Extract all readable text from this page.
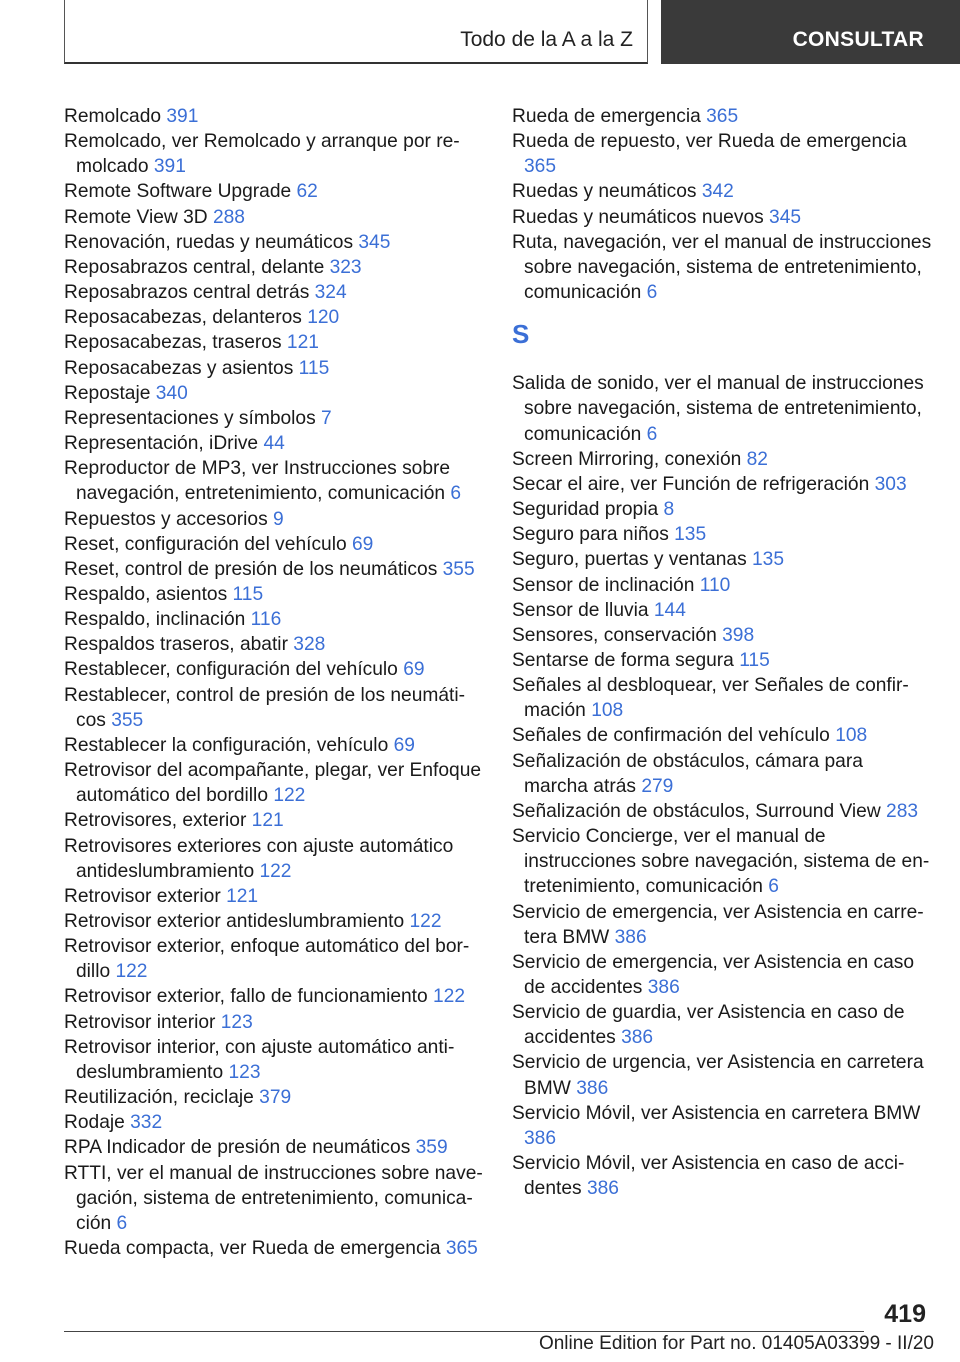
Todo de la A a la Z	CONSULTAR
Remolcado 391
Remolcado, ver Remolcado y arranque por remolcado 391
Remote Software Upgrade 62
Remote View 3D 288
Renovación, ruedas y neumáticos 345
Reposabrazos central, delante 323
Reposabrazos central detrás 324
Reposacabezas, delanteros 120
Reposacabezas, traseros 121
Reposacabezas y asientos 115
Repostaje 340
Representaciones y símbolos 7
Representación, iDrive 44
Reproductor de MP3, ver Instrucciones sobre navegación, entretenimiento, comunicación 6
Repuestos y accesorios 9
Reset, configuración del vehículo 69
Reset, control de presión de los neumáticos 355
Respaldo, asientos 115
Respaldo, inclinación 116
Respaldos traseros, abatir 328
Restablecer, configuración del vehículo 69
Restablecer, control de presión de los neumáticos 355
Restablecer la configuración, vehículo 69
Retrovisor del acompañante, plegar, ver Enfoque automático del bordillo 122
Retrovisores, exterior 121
Retrovisores exteriores con ajuste automático antideslumbramiento 122
Retrovisor exterior 121
Retrovisor exterior antideslumbramiento 122
Retrovisor exterior, enfoque automático del bordillo 122
Retrovisor exterior, fallo de funcionamiento 122
Retrovisor interior 123
Retrovisor interior, con ajuste automático antideslumbramiento 123
Reutilización, reciclaje 379
Rodaje 332
RPA Indicador de presión de neumáticos 359
RTTI, ver el manual de instrucciones sobre navegación, sistema de entretenimiento, comunicación 6
Rueda compacta, ver Rueda de emergencia 365
Rueda de emergencia 365
Rueda de repuesto, ver Rueda de emergencia 365
Ruedas y neumáticos 342
Ruedas y neumáticos nuevos 345
Ruta, navegación, ver el manual de instrucciones sobre navegación, sistema de entretenimiento, comunicación 6
S
Salida de sonido, ver el manual de instrucciones sobre navegación, sistema de entretenimiento, comunicación 6
Screen Mirroring, conexión 82
Secar el aire, ver Función de refrigeración 303
Seguridad propia 8
Seguro para niños 135
Seguro, puertas y ventanas 135
Sensor de inclinación 110
Sensor de lluvia 144
Sensores, conservación 398
Sentarse de forma segura 115
Señales al desbloquear, ver Señales de confirmación 108
Señales de confirmación del vehículo 108
Señalización de obstáculos, cámara para marcha atrás 279
Señalización de obstáculos, Surround View 283
Servicio Concierge, ver el manual de instrucciones sobre navegación, sistema de entretenimiento, comunicación 6
Servicio de emergencia, ver Asistencia en carretera BMW 386
Servicio de emergencia, ver Asistencia en caso de accidentes 386
Servicio de guardia, ver Asistencia en caso de accidentes 386
Servicio de urgencia, ver Asistencia en carretera BMW 386
Servicio Móvil, ver Asistencia en carretera BMW 386
Servicio Móvil, ver Asistencia en caso de accidentes 386
419
Online Edition for Part no. 01405A03399 - II/20
